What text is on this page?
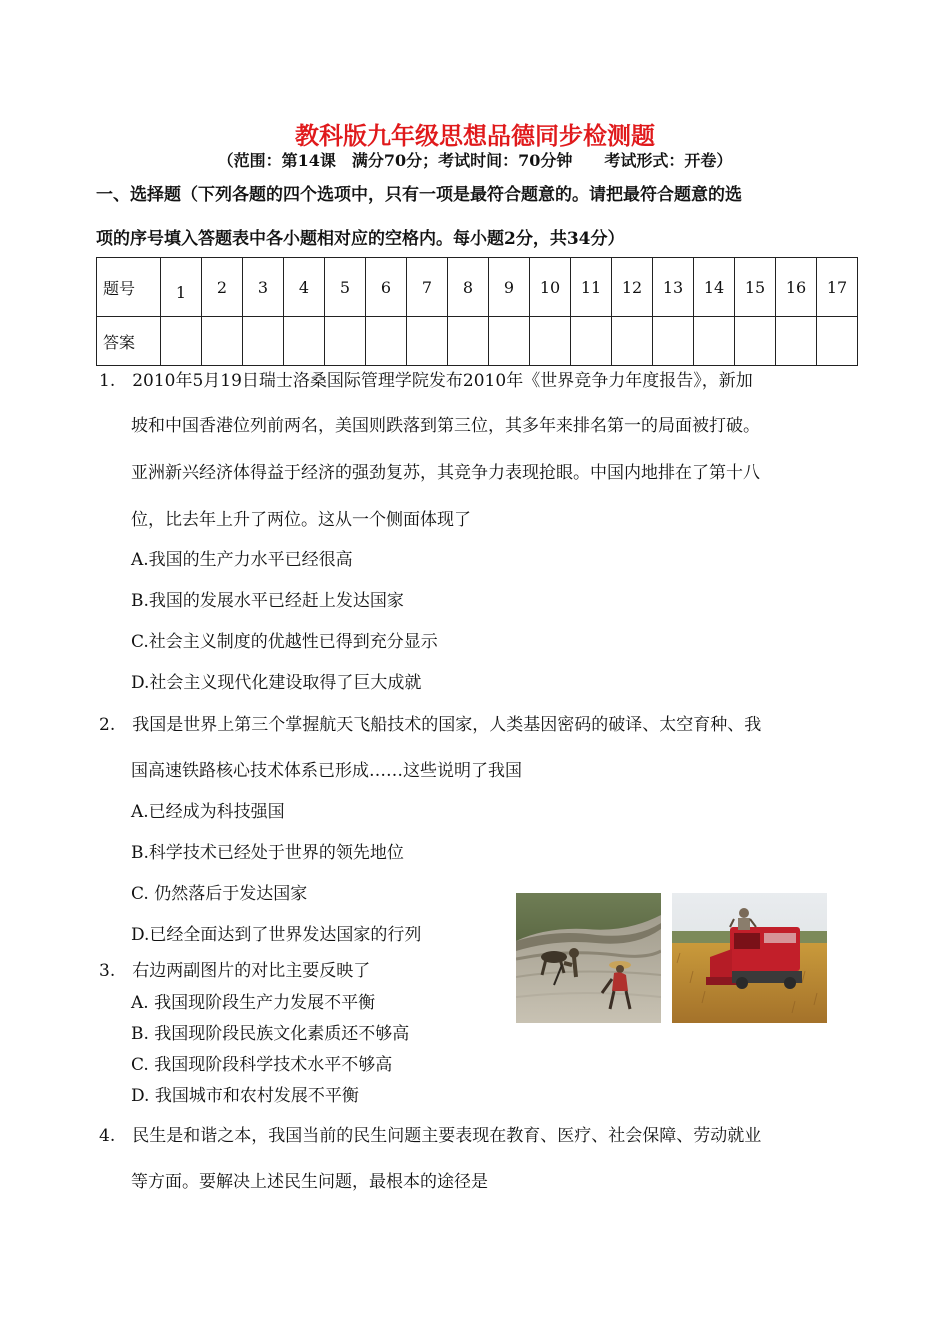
教科版九年级思想品德同步检测题
（范围：第14课　满分70分；考试时间：70分钟　　考试形式：开卷）
一、选择题（下列各题的四个选项中，只有一项是最符合题意的。请把最符合题意的选
项的序号填入答题表中各小题相对应的空格内。每小题2分，共34分）
题号	1	2	3	4	5	6	7	8	9	10	11	12	13	14	15	16	17
答案																	
1.　2010年5月19日瑞士洛桑国际管理学院发布2010年《世界竞争力年度报告》，新加
坡和中国香港位列前两名，美国则跌落到第三位，其多年来排名第一的局面被打破。
亚洲新兴经济体得益于经济的强劲复苏，其竞争力表现抢眼。中国内地排在了第十八
位，比去年上升了两位。这从一个侧面体现了
A.我国的生产力水平已经很高
B.我国的发展水平已经赶上发达国家
C.社会主义制度的优越性已得到充分显示
D.社会主义现代化建设取得了巨大成就
2.　我国是世界上第三个掌握航天飞船技术的国家，人类基因密码的破译、太空育种、我
国高速铁路核心技术体系已形成……这些说明了我国
A.已经成为科技强国
B.科学技术已经处于世界的领先地位
C. 仍然落后于发达国家
D.已经全面达到了世界发达国家的行列
3.　右边两副图片的对比主要反映了
A. 我国现阶段生产力发展不平衡
B. 我国现阶段民族文化素质还不够高
C. 我国现阶段科学技术水平不够高
D. 我国城市和农村发展不平衡
4.　民生是和谐之本，我国当前的民生问题主要表现在教育、医疗、社会保障、劳动就业
等方面。要解决上述民生问题，最根本的途径是
